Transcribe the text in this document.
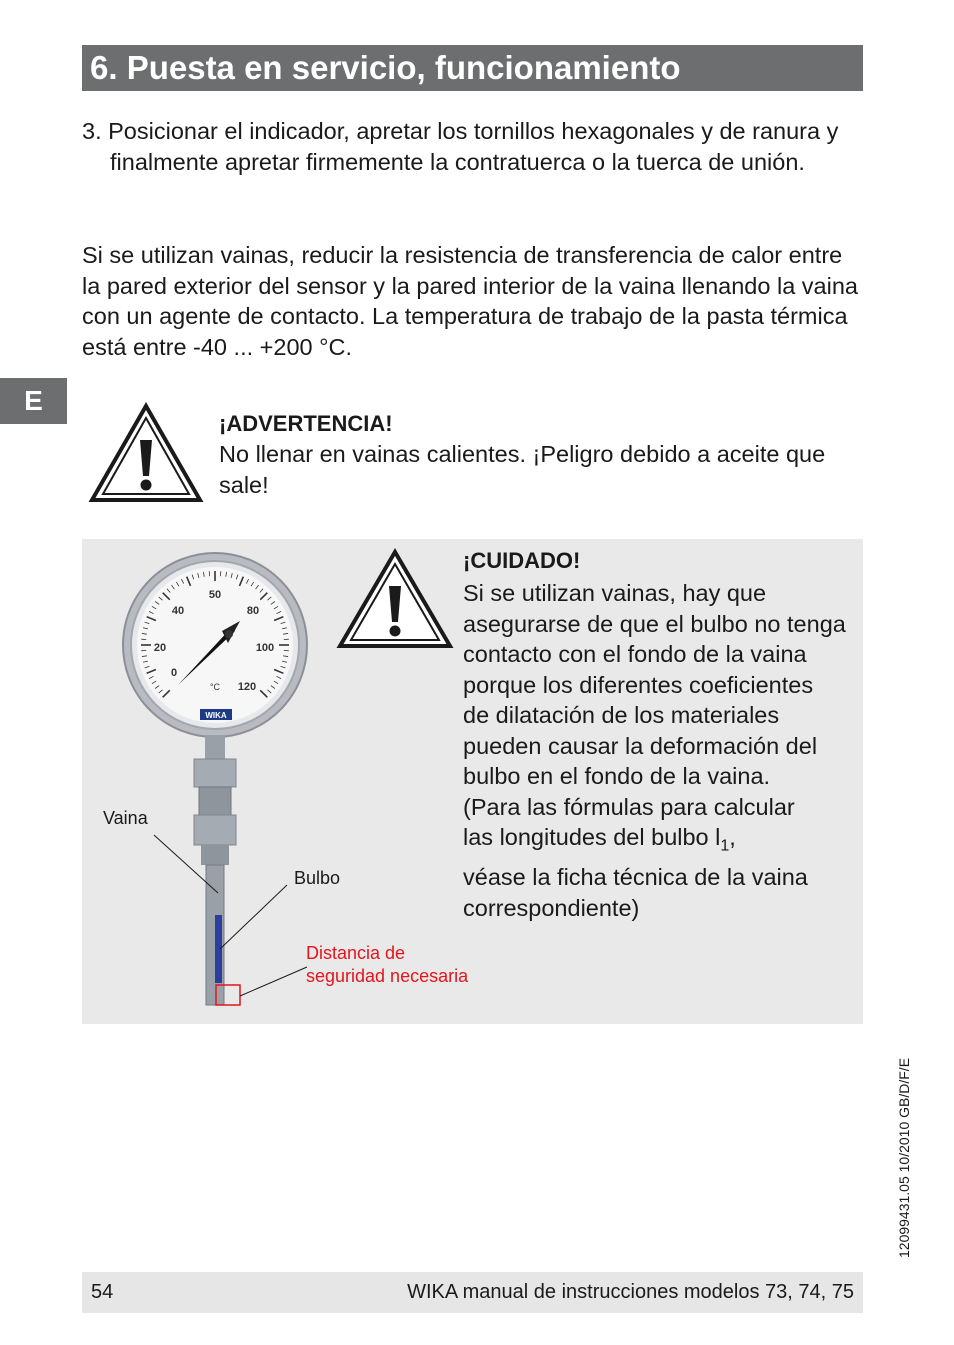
6. Puesta en servicio, funcionamiento
3. Posicionar el indicador, apretar los tornillos hexagonales y de ranura y finalmente apretar firmemente la contratuerca o la tuerca de unión.
Si se utilizan vainas, reducir la resistencia de transferencia de calor entre la pared exterior del sensor y la pared interior de la vaina llenando la vaina con un agente de contacto. La temperatura de trabajo de la pasta térmica está entre -40 ... +200 °C.
E
¡ADVERTENCIA!
No llenar en vainas calientes. ¡Peligro debido a aceite que sale!
¡CUIDADO!
Si se utilizan vainas, hay que
asegurarse de que el bulbo no tenga
contacto con el fondo de la vaina
porque los diferentes coeficientes
de dilatación de los materiales
pueden causar la deformación del
bulbo en el fondo de la vaina.
(Para las fórmulas para calcular
las longitudes del bulbo $l_1$,
véase la ficha técnica de la vaina
correspondiente)
0
20
40
50
80
100
120
°C
WIKA
Vaina
Bulbo
Distancia de
seguridad necesaria
12099431.05 10/2010 GB/D/F/E
54	WIKA manual de instrucciones modelos 73, 74, 75
